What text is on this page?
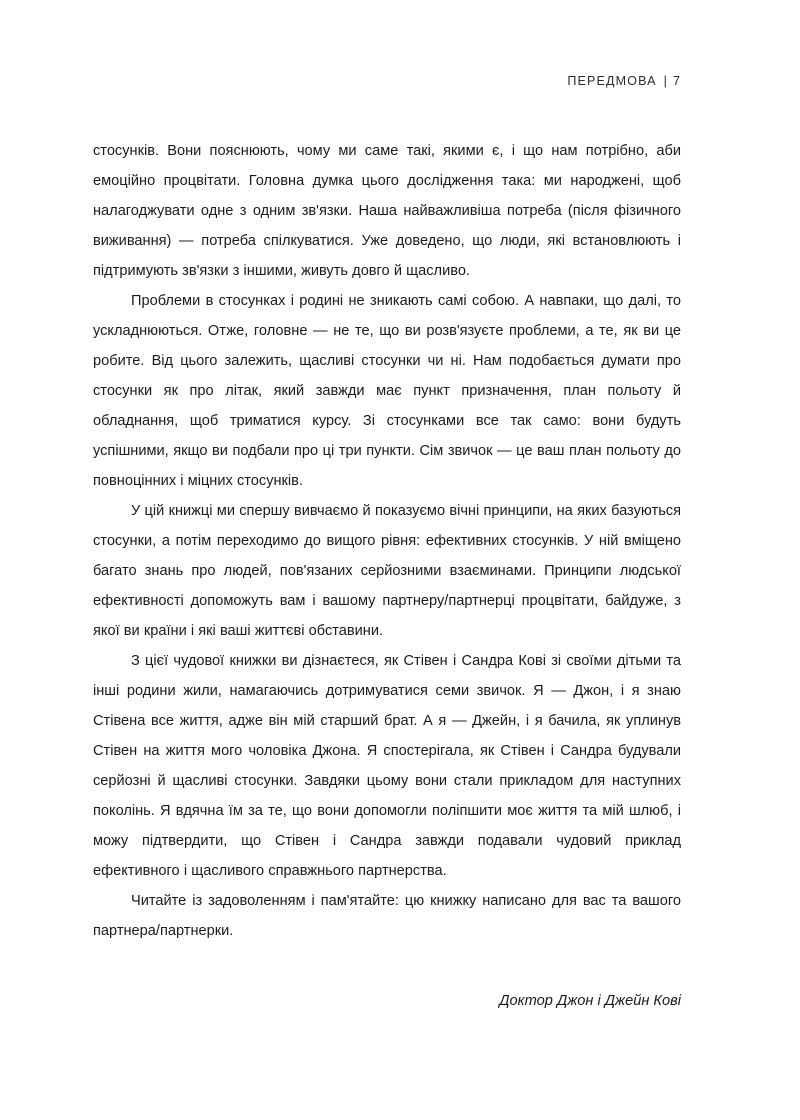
ПЕРЕДМОВА | 7

стосунків. Вони пояснюють, чому ми саме такі, якими є, і що нам потрібно, аби емоційно процвітати. Головна думка цього дослідження така: ми народжені, щоб налагоджувати одне з одним зв'язки. Наша найважливіша потреба (після фізичного виживання) — потреба спілкуватися. Уже доведено, що люди, які встановлюють і підтримують зв'язки з іншими, живуть довго й щасливо.

Проблеми в стосунках і родині не зникають самі собою. А навпаки, що далі, то ускладнюються. Отже, головне — не те, що ви розв'язуєте проблеми, а те, як ви це робите. Від цього залежить, щасливі стосунки чи ні. Нам подобається думати про стосунки як про літак, який завжди має пункт призначення, план польоту й обладнання, щоб триматися курсу. Зі стосунками все так само: вони будуть успішними, якщо ви подбали про ці три пункти. Сім звичок — це ваш план польоту до повноцінних і міцних стосунків.

У цій книжці ми спершу вивчаємо й показуємо вічні принципи, на яких базуються стосунки, а потім переходимо до вищого рівня: ефективних стосунків. У ній вміщено багато знань про людей, пов'язаних серйозними взаєминами. Принципи людської ефективності допоможуть вам і вашому партнеру/партнерці процвітати, байдуже, з якої ви країни і які ваші життєві обставини.

З цієї чудової книжки ви дізнаєтеся, як Стівен і Сандра Кові зі своїми дітьми та інші родини жили, намагаючись дотримуватися семи звичок. Я — Джон, і я знаю Стівена все життя, адже він мій старший брат. А я — Джейн, і я бачила, як уплинув Стівен на життя мого чоловіка Джона. Я спостерігала, як Стівен і Сандра будували серйозні й щасливі стосунки. Завдяки цьому вони стали прикладом для наступних поколінь. Я вдячна їм за те, що вони допомогли поліпшити моє життя та мій шлюб, і можу підтвердити, що Стівен і Сандра завжди подавали чудовий приклад ефективного і щасливого справжнього партнерства.

Читайте із задоволенням і пам'ятайте: цю книжку написано для вас та вашого партнера/партнерки.

Доктор Джон і Джейн Кові
